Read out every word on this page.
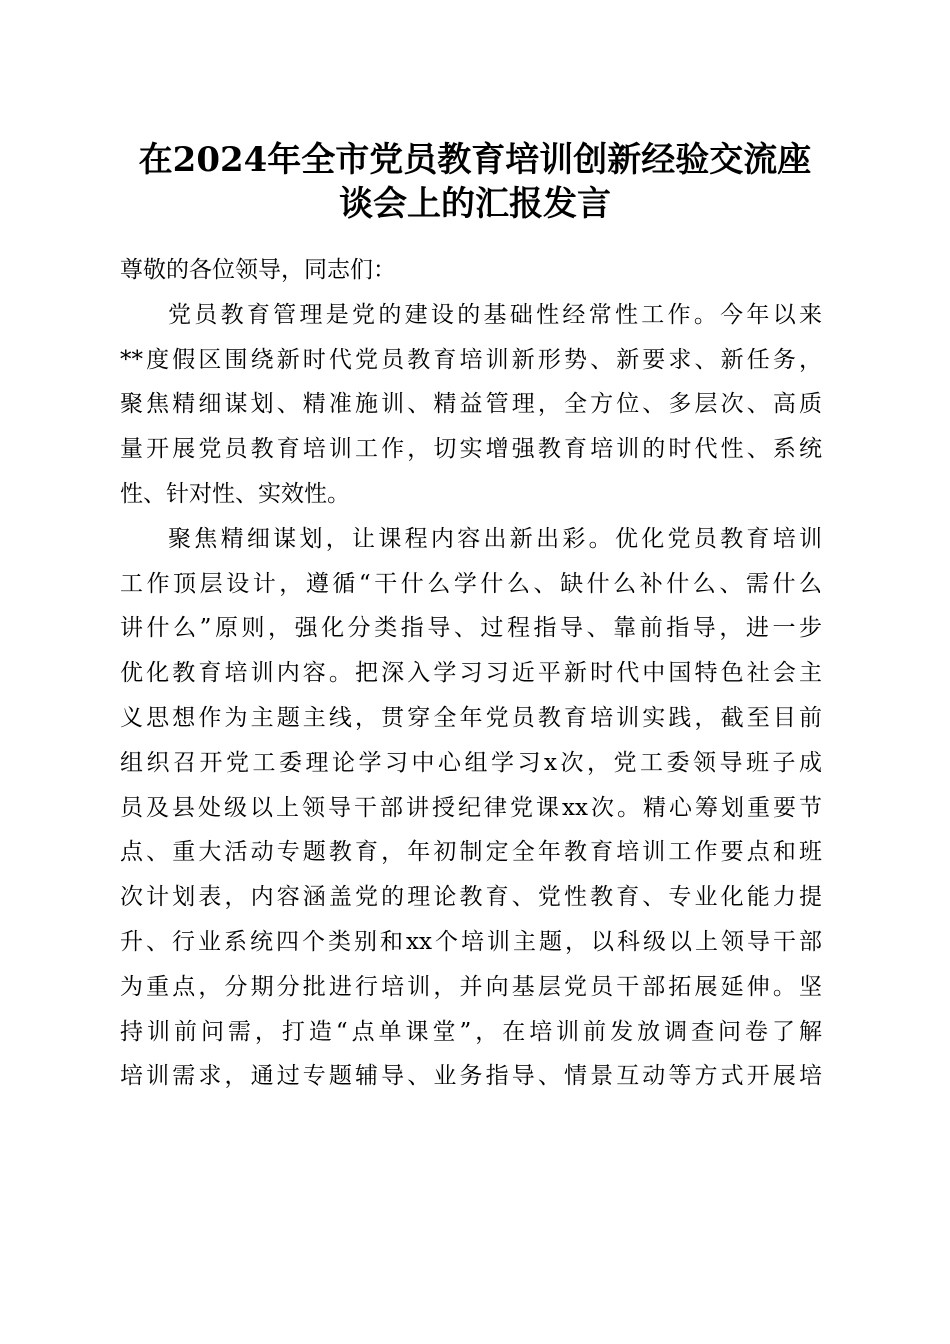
在2024年全市党员教育培训创新经验交流座
谈会上的汇报发言
尊敬的各位领导，同志们：
党员教育管理是党的建设的基础性经常性工作。今年以来
**度假区围绕新时代党员教育培训新形势、新要求、新任务，
聚焦精细谋划、精准施训、精益管理，全方位、多层次、高质
量开展党员教育培训工作，切实增强教育培训的时代性、系统
性、针对性、实效性。
聚焦精细谋划，让课程内容出新出彩。优化党员教育培训
工作顶层设计，遵循“干什么学什么、缺什么补什么、需什么
讲什么”原则，强化分类指导、过程指导、靠前指导，进一步
优化教育培训内容。把深入学习习近平新时代中国特色社会主
义思想作为主题主线，贯穿全年党员教育培训实践，截至目前
组织召开党工委理论学习中心组学习x次，党工委领导班子成
员及县处级以上领导干部讲授纪律党课xx次。精心筹划重要节
点、重大活动专题教育，年初制定全年教育培训工作要点和班
次计划表，内容涵盖党的理论教育、党性教育、专业化能力提
升、行业系统四个类别和xx个培训主题，以科级以上领导干部
为重点，分期分批进行培训，并向基层党员干部拓展延伸。坚
持训前问需，打造“点单课堂”，在培训前发放调查问卷了解
培训需求，通过专题辅导、业务指导、情景互动等方式开展培
